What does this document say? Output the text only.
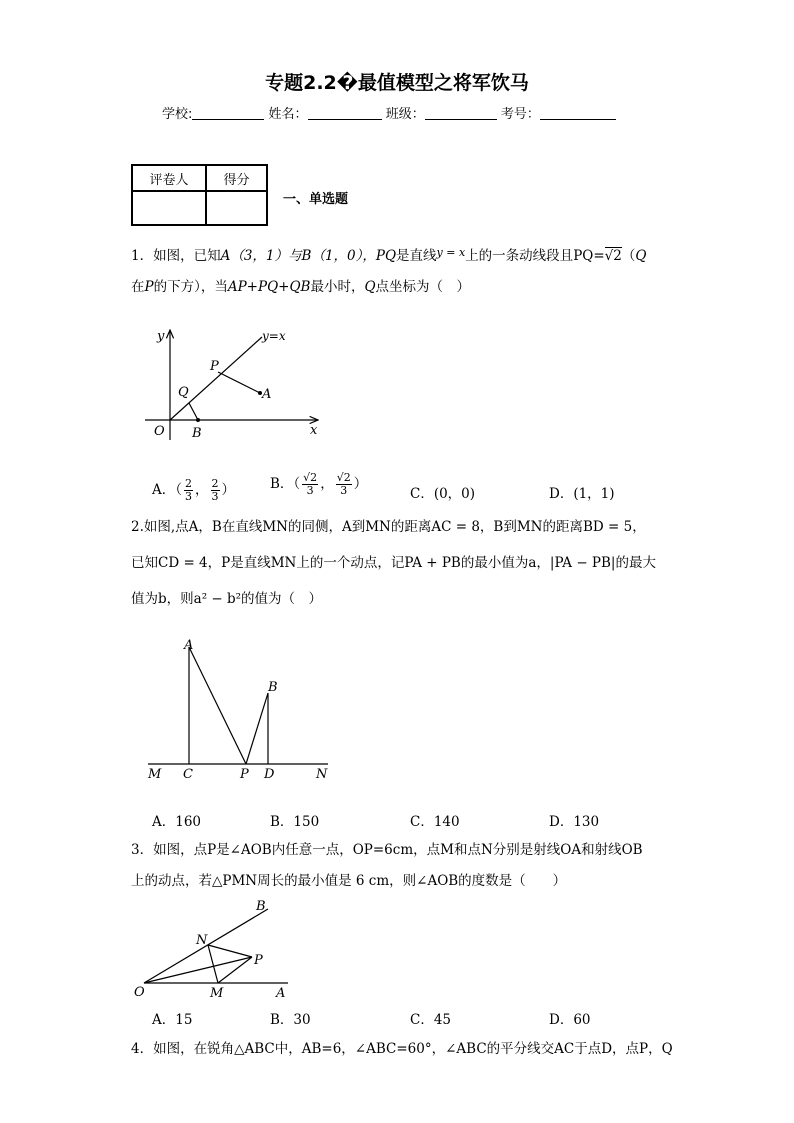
专题2.2�最值模型之将军饮马
学校:	姓名：	班级：	考号：
评卷人	得分

一、单选题
1．如图，已知A（3，1）与B（1，0），PQ是直线$^{y = x}$上的一条动线段且PQ=√2（Q
在P的下方），当AP+PQ+QB最小时，Q点坐标为（　）
y
x
y=x
P
Q	A
O B
A．（ $\frac{2}{3}$ ， $\frac{2}{3}$ ）	B．（ $\frac{√2}{3}$ ， $\frac{√2}{3}$ ）
C．(0，0)	D．(1，1)
2.如图,点A，B在直线MN的同侧，A到MN的距离AC = 8，B到MN的距离BD = 5，
已知CD = 4，P是直线MN上的一个动点，记PA + PB的最小值为a，|PA − PB|的最大
值为b，则a² − b²的值为（　）
A
B
M C	P D	N
A．160	B．150	C．140	D．130
3．如图，点P是∠AOB内任意一点，OP=6cm，点M和点N分别是射线OA和射线OB
上的动点，若△PMN周长的最小值是 6 cm，则∠AOB的度数是（　　）
B
N
P
O	M	A
A．15	B．30	C．45	D．60
4．如图，在锐角△ABC中，AB=6，∠ABC=60°，∠ABC的平分线交AC于点D，点P，Q
